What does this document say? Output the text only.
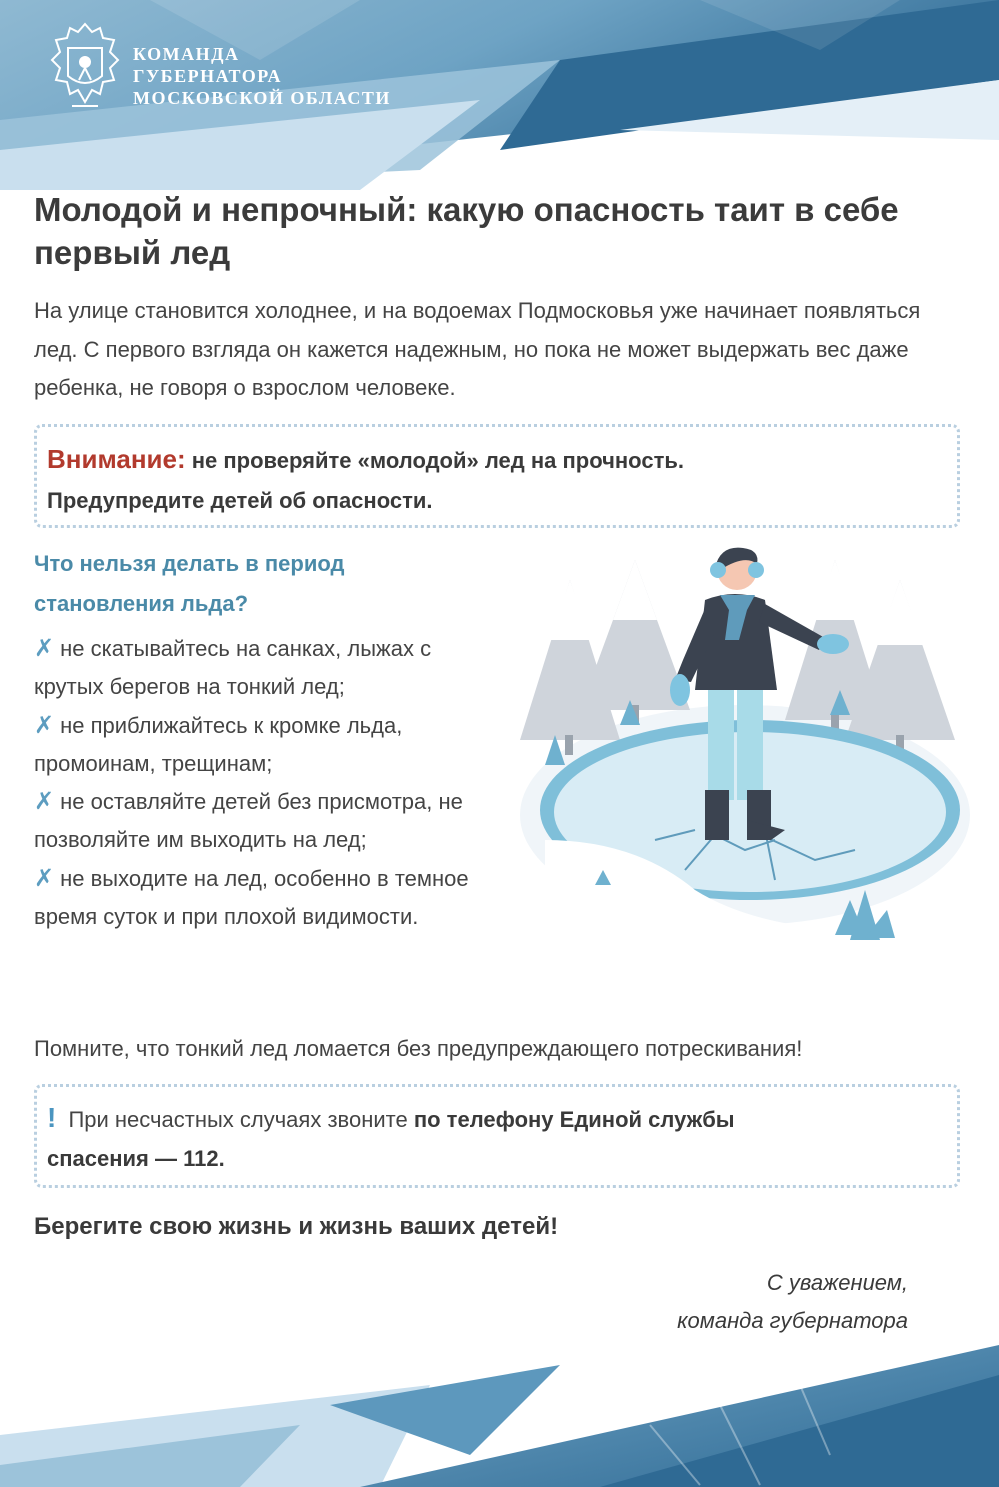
КОМАНДА
ГУБЕРНАТОРА
МОСКОВСКОЙ ОБЛАСТИ
Молодой и непрочный: какую опасность таит в себе первый лед

На улице становится холоднее, и на водоемах Подмосковья уже начинает появляться лед. С первого взгляда он кажется надежным, но пока не может выдержать вес даже ребенка, не говоря о взрослом человеке.

Внимание: не проверяйте «молодой» лед на прочность.
Предупредите детей об опасности.
Что нельзя делать в период становления льда?
✗ не скатывайтесь на санках, лыжах с крутых берегов на тонкий лед;
✗ не приближайтесь к кромке льда, промоинам, трещинам;
✗ не оставляйте детей без присмотра, не позволяйте им выходить на лед;
✗ не выходите на лед, особенно в темное время суток и при плохой видимости.
Помните, что тонкий лед ломается без предупреждающего потрескивания!
! При несчастных случаях звоните по телефону Единой службы
спасения — 112.
Берегите свою жизнь и жизнь ваших детей!
С уважением,
команда губернатора
